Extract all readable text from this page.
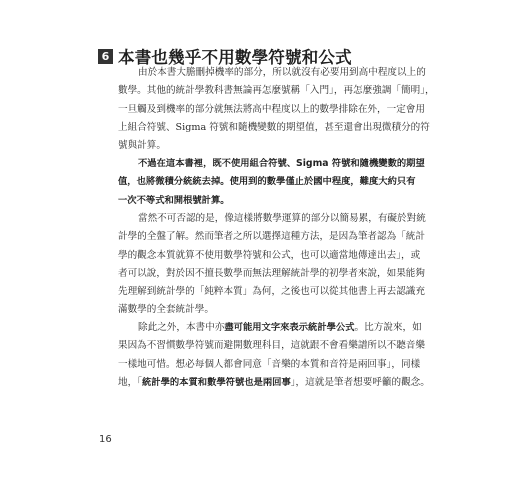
6 本書也幾乎不用數學符號和公式
由於本書大膽刪掉機率的部分，所以就沒有必要用到高中程度以上的
數學。其他的統計學教科書無論再怎麼號稱「入門」，再怎麼強調「簡明」，
一旦觸及到機率的部分就無法將高中程度以上的數學排除在外，一定會用
上組合符號、Sigma 符號和隨機變數的期望值，甚至還會出現微積分的符
號與計算。
不過在這本書裡，既不使用組合符號、Sigma 符號和隨機變數的期望
值，也將微積分統統去掉。使用到的數學僅止於國中程度，難度大約只有
一次不等式和開根號計算。
當然不可否認的是，像這樣將數學運算的部分以簡易累，有礙於對統
計學的全盤了解。然而筆者之所以選擇這種方法，是因為筆者認為「統計
學的觀念本質就算不使用數學符號和公式，也可以適當地傳達出去」，或
者可以說，對於因不擅長數學而無法理解統計學的初學者來說，如果能夠
先理解到統計學的「純粹本質」為何，之後也可以從其他書上再去認識充
滿數學的全套統計學。
除此之外，本書中亦盡可能用文字來表示統計學公式。比方說來，如
果因為不習慣數學符號而避開數理科目，這就跟不會看樂譜所以不聽音樂
一樣地可惜。想必每個人都會同意「音樂的本質和音符是兩回事」，同樣
地，「統計學的本質和數學符號也是兩回事」，這就是筆者想要呼籲的觀念。
16
